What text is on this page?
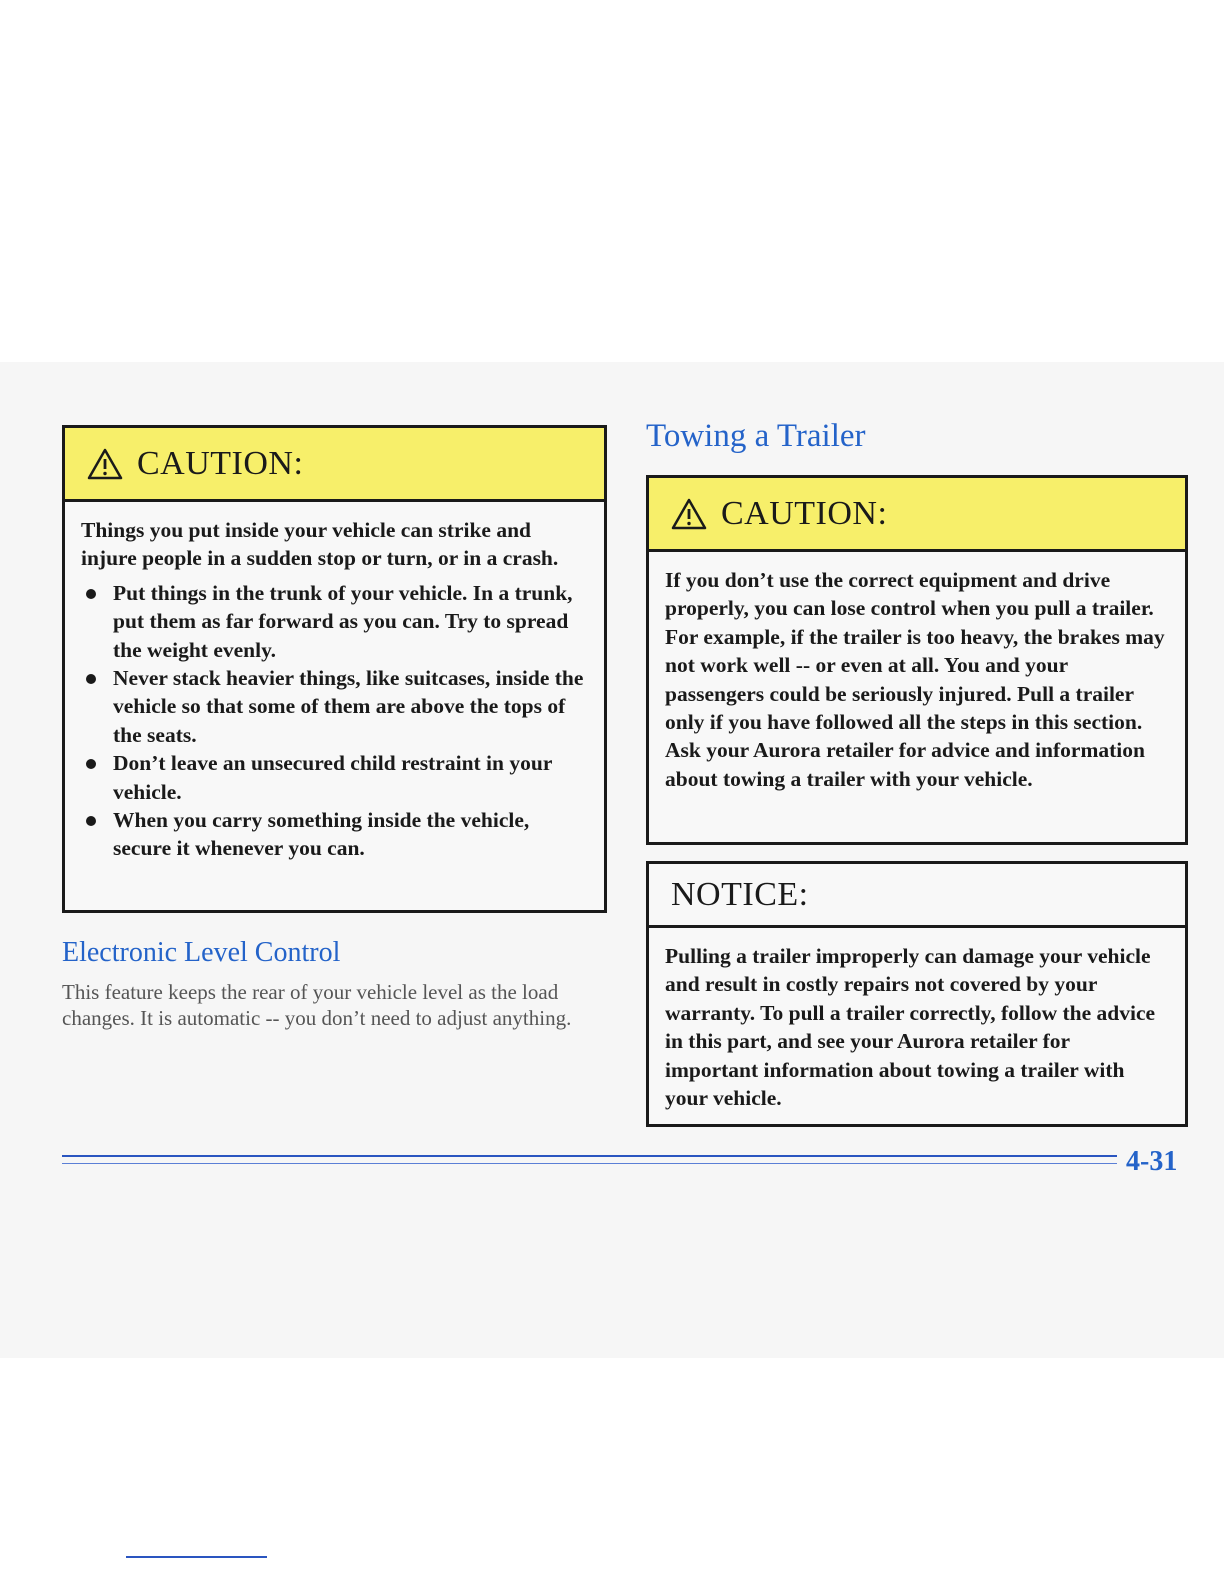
CAUTION:

Things you put inside your vehicle can strike and injure people in a sudden stop or turn, or in a crash.

Put things in the trunk of your vehicle. In a trunk, put them as far forward as you can. Try to spread the weight evenly.
Never stack heavier things, like suitcases, inside the vehicle so that some of them are above the tops of the seats.
Don’t leave an unsecured child restraint in your vehicle.
When you carry something inside the vehicle, secure it whenever you can.
Electronic Level Control

This feature keeps the rear of your vehicle level as the load changes. It is automatic -- you don’t need to adjust anything.

Towing a Trailer
CAUTION:

If you don’t use the correct equipment and drive properly, you can lose control when you pull a trailer. For example, if the trailer is too heavy, the brakes may not work well -- or even at all. You and your passengers could be seriously injured. Pull a trailer only if you have followed all the steps in this section. Ask your Aurora retailer for advice and information about towing a trailer with your vehicle.

NOTICE:

Pulling a trailer improperly can damage your vehicle and result in costly repairs not covered by your warranty. To pull a trailer correctly, follow the advice in this part, and see your Aurora retailer for important information about towing a trailer with your vehicle.

4-31
